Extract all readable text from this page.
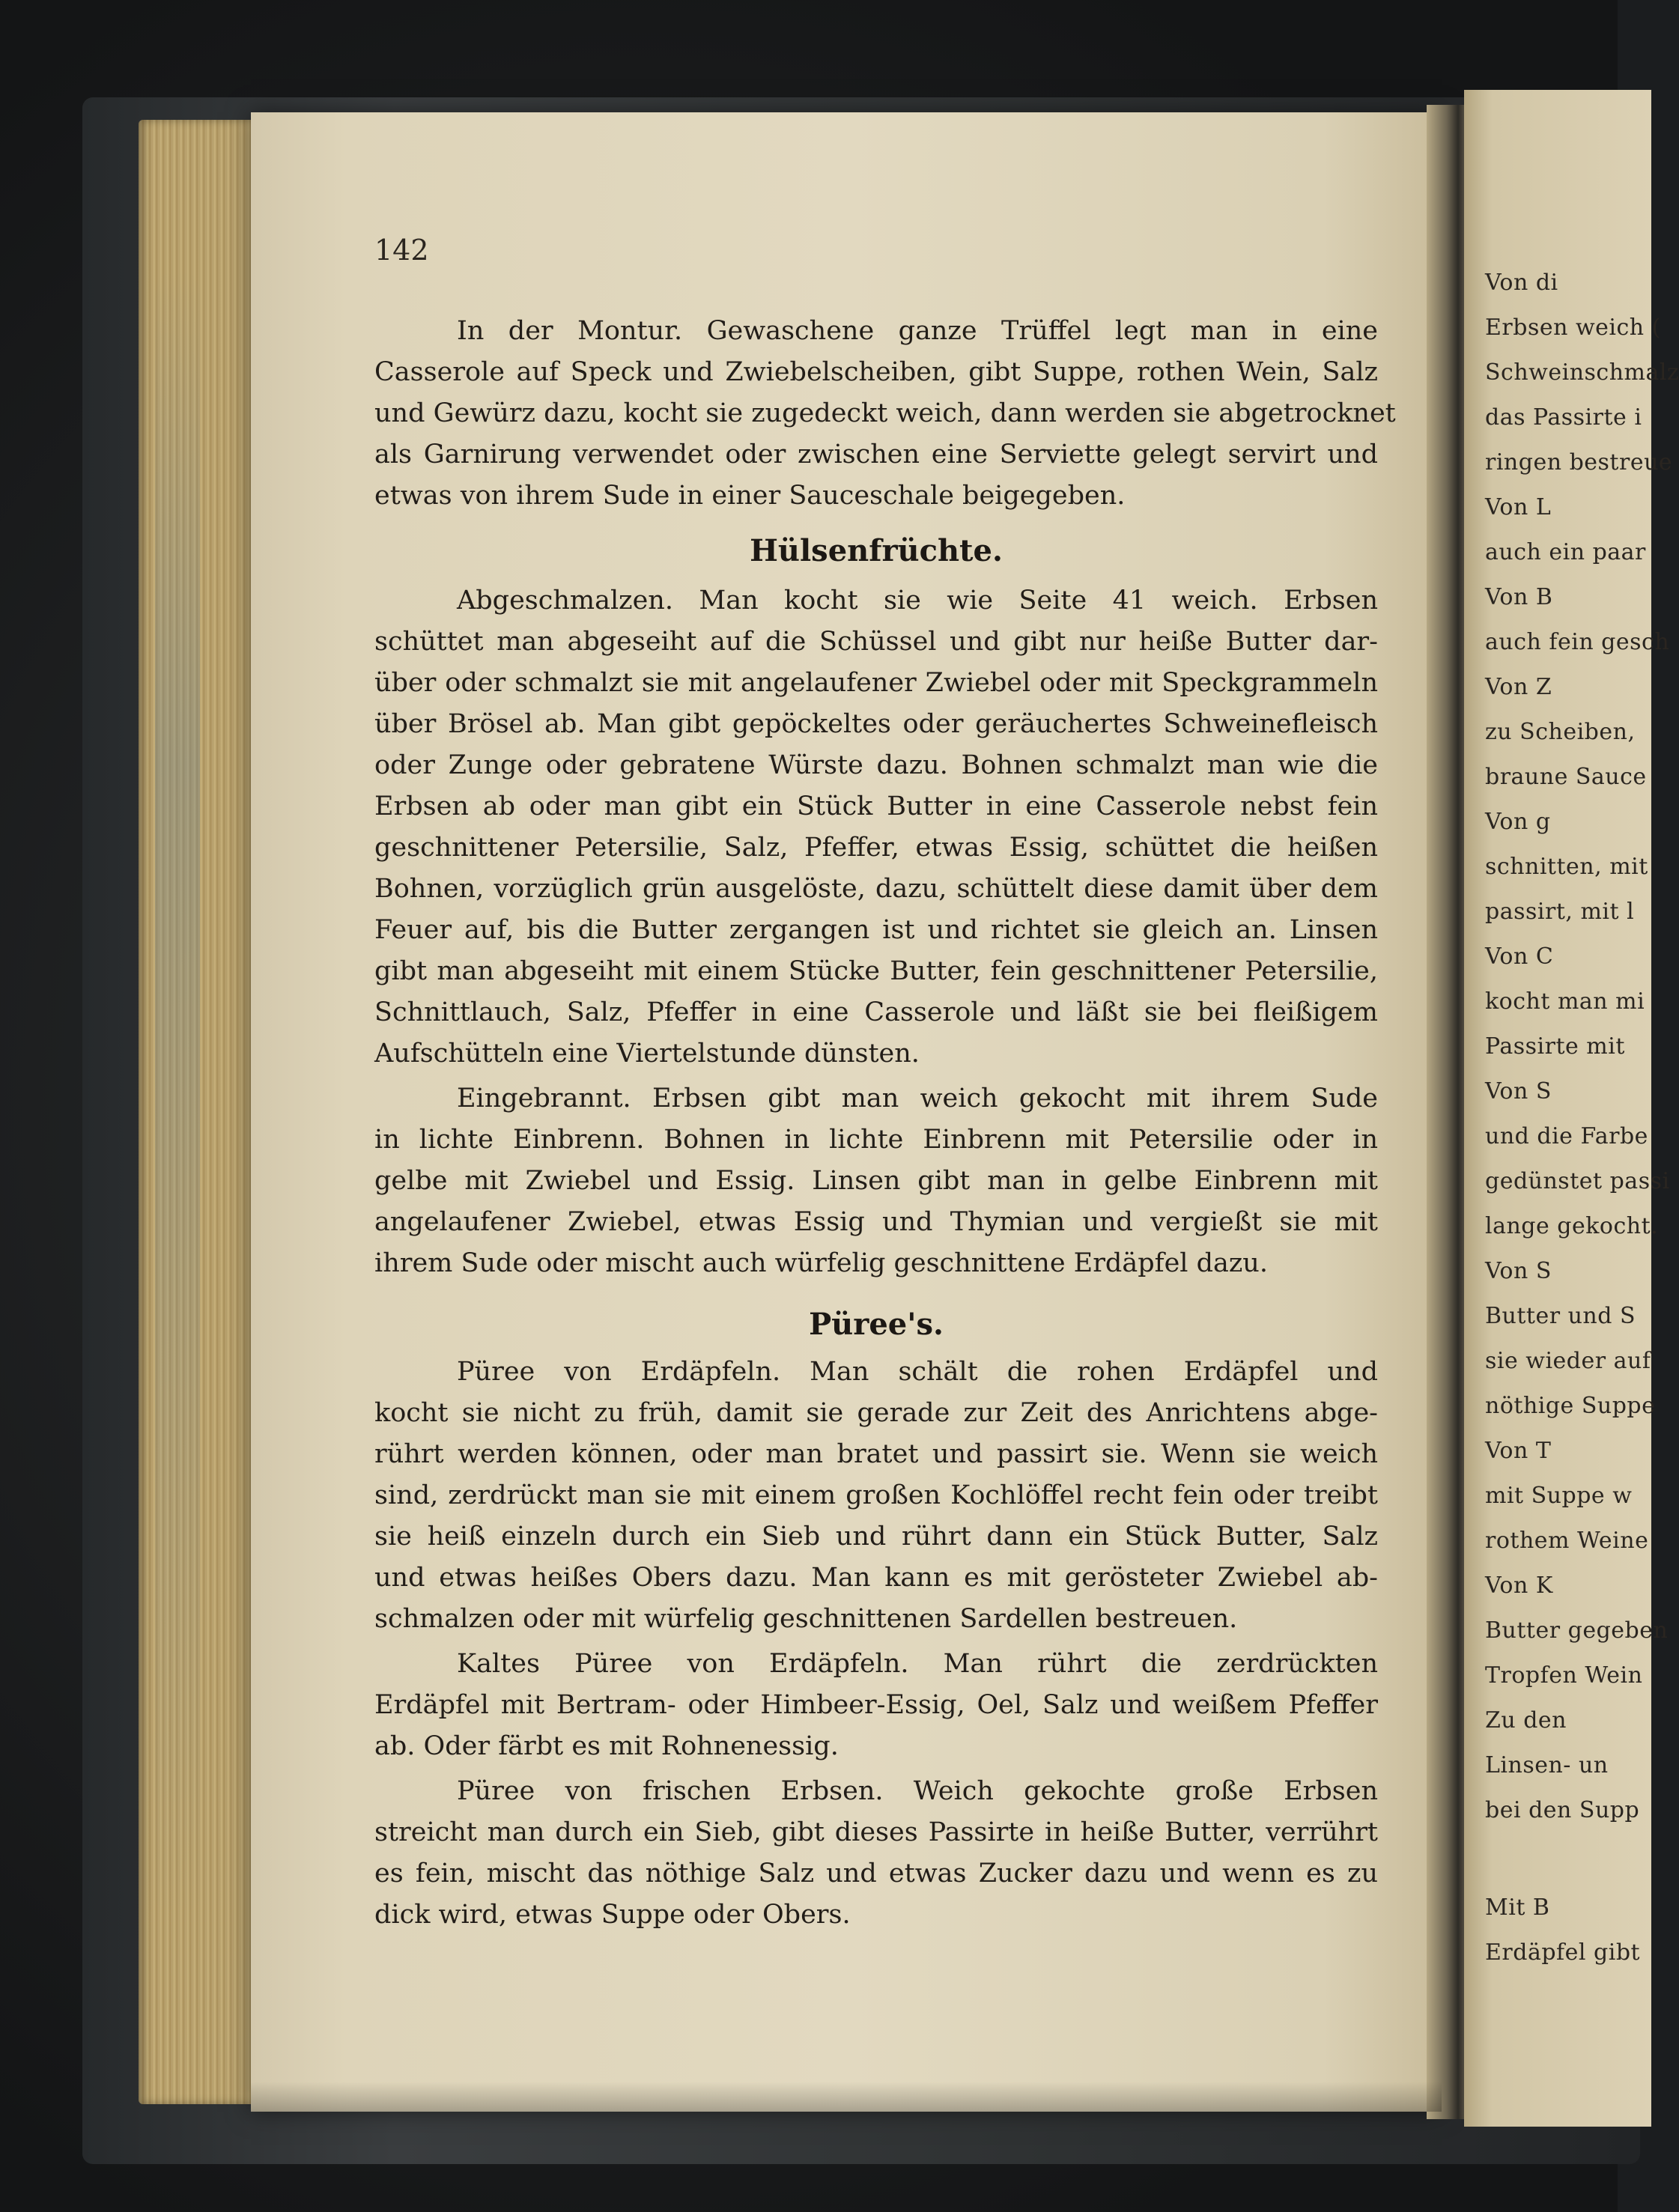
Von di
Erbsen weich (
Schweinschmalz
das Passirte i
ringen bestreue
Von L
auch ein paar
Von B
auch fein gesch
Von Z
zu Scheiben,
braune Sauce
Von g
schnitten, mit
passirt, mit l
Von C
kocht man mi
Passirte mit
Von S
und die Farbe
gedünstet passi
lange gekocht.
Von S
Butter und S
sie wieder auf
nöthige Suppe
Von T
mit Suppe w
rothem Weine
Von K
Butter gegeben
Tropfen Wein
Zu den
Linsen- un
bei den Supp
Mit B
Erdäpfel gibt
142
In der Montur. Gewaschene ganze Trüffel legt man in eine
Casserole auf Speck und Zwiebelscheiben, gibt Suppe, rothen Wein, Salz
und Gewürz dazu, kocht sie zugedeckt weich, dann werden sie abgetrocknet
als Garnirung verwendet oder zwischen eine Serviette gelegt servirt und
etwas von ihrem Sude in einer Sauceschale beigegeben.
Abgeschmalzen. Man kocht sie wie Seite 41 weich. Erbsen
schüttet man abgeseiht auf die Schüssel und gibt nur heiße Butter dar-
über oder schmalzt sie mit angelaufener Zwiebel oder mit Speckgrammeln
über Brösel ab. Man gibt gepöckeltes oder geräuchertes Schweinefleisch
oder Zunge oder gebratene Würste dazu. Bohnen schmalzt man wie die
Erbsen ab oder man gibt ein Stück Butter in eine Casserole nebst fein
geschnittener Petersilie, Salz, Pfeffer, etwas Essig, schüttet die heißen
Bohnen, vorzüglich grün ausgelöste, dazu, schüttelt diese damit über dem
Feuer auf, bis die Butter zergangen ist und richtet sie gleich an. Linsen
gibt man abgeseiht mit einem Stücke Butter, fein geschnittener Petersilie,
Schnittlauch, Salz, Pfeffer in eine Casserole und läßt sie bei fleißigem
Aufschütteln eine Viertelstunde dünsten.
Eingebrannt. Erbsen gibt man weich gekocht mit ihrem Sude
in lichte Einbrenn. Bohnen in lichte Einbrenn mit Petersilie oder in
gelbe mit Zwiebel und Essig. Linsen gibt man in gelbe Einbrenn mit
angelaufener Zwiebel, etwas Essig und Thymian und vergießt sie mit
ihrem Sude oder mischt auch würfelig geschnittene Erdäpfel dazu.
Püree von Erdäpfeln. Man schält die rohen Erdäpfel und
kocht sie nicht zu früh, damit sie gerade zur Zeit des Anrichtens abge-
rührt werden können, oder man bratet und passirt sie. Wenn sie weich
sind, zerdrückt man sie mit einem großen Kochlöffel recht fein oder treibt
sie heiß einzeln durch ein Sieb und rührt dann ein Stück Butter, Salz
und etwas heißes Obers dazu. Man kann es mit gerösteter Zwiebel ab-
schmalzen oder mit würfelig geschnittenen Sardellen bestreuen.
Kaltes Püree von Erdäpfeln. Man rührt die zerdrückten
Erdäpfel mit Bertram- oder Himbeer-Essig, Oel, Salz und weißem Pfeffer
ab. Oder färbt es mit Rohnenessig.
Püree von frischen Erbsen. Weich gekochte große Erbsen
streicht man durch ein Sieb, gibt dieses Passirte in heiße Butter, verrührt
es fein, mischt das nöthige Salz und etwas Zucker dazu und wenn es zu
dick wird, etwas Suppe oder Obers.
Hülsenfrüchte.
Püree's.
